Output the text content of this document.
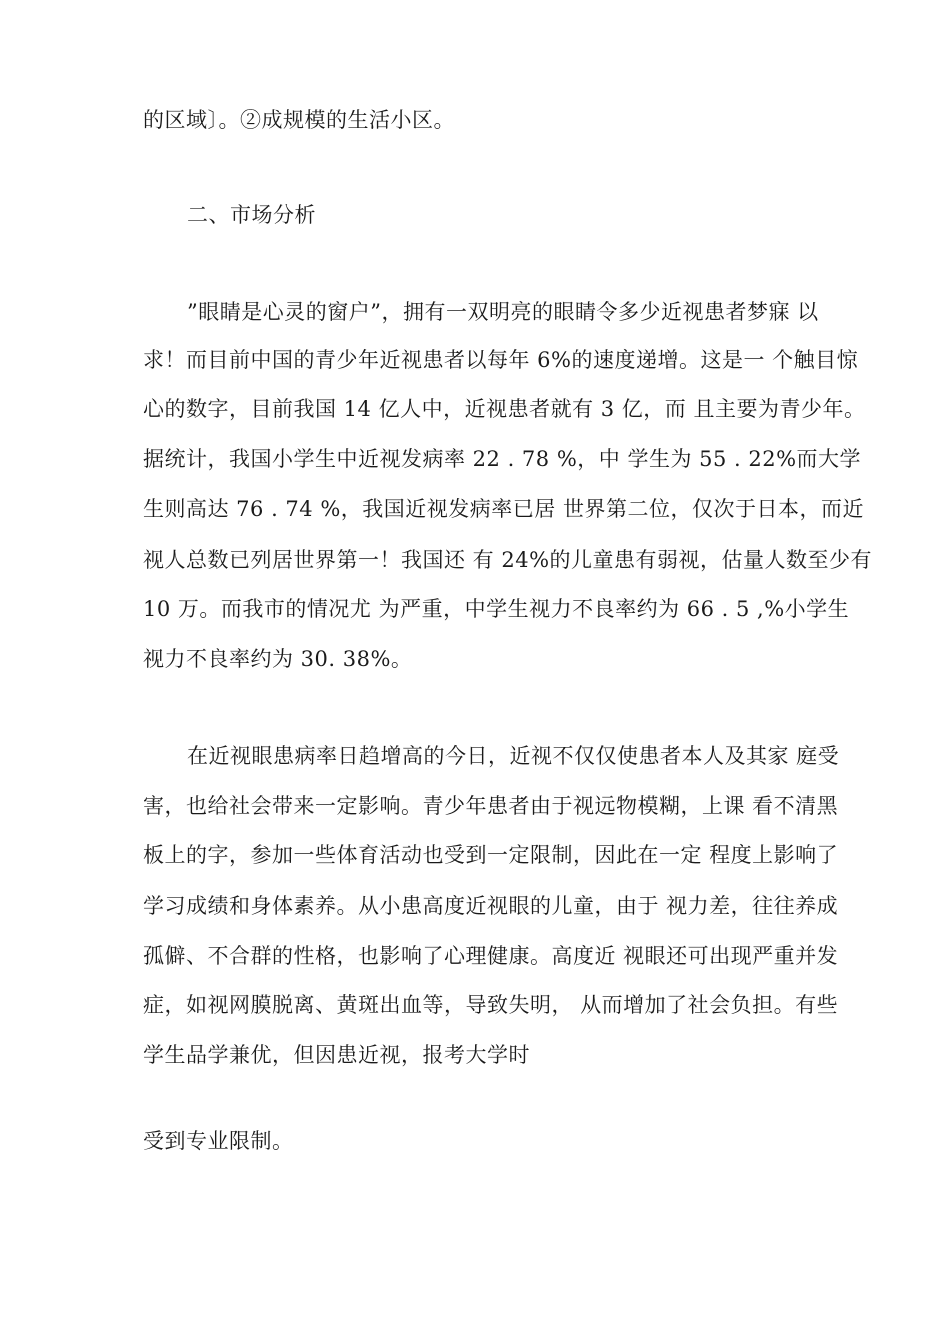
的区域〕。②成规模的生活小区。
二、市场分析
”眼睛是心灵的窗户”，拥有一双明亮的眼睛令多少近视患者梦寐 以
求！而目前中国的青少年近视患者以每年 6%的速度递增。这是一 个触目惊
心的数字，目前我国 14 亿人中，近视患者就有 3 亿，而 且主要为青少年。
据统计，我国小学生中近视发病率 22 . 78 %，中 学生为 55 . 22%而大学
生则高达 76 . 74 %，我国近视发病率已居 世界第二位，仅次于日本，而近
视人总数已列居世界第一！我国还 有 24%的儿童患有弱视，估量人数至少有
10 万。而我市的情况尤 为严重，中学生视力不良率约为 66 . 5 ,%小学生
视力不良率约为 30. 38%。
在近视眼患病率日趋增高的今日，近视不仅仅使患者本人及其家 庭受
害，也给社会带来一定影响。青少年患者由于视远物模糊，上课 看不清黑
板上的字，参加一些体育活动也受到一定限制，因此在一定 程度上影响了
学习成绩和身体素养。从小患高度近视眼的儿童，由于 视力差，往往养成
孤僻、不合群的性格，也影响了心理健康。高度近 视眼还可出现严重并发
症，如视网膜脱离、黄斑出血等，导致失明， 从而增加了社会负担。有些
学生品学兼优，但因患近视，报考大学时
受到专业限制。
